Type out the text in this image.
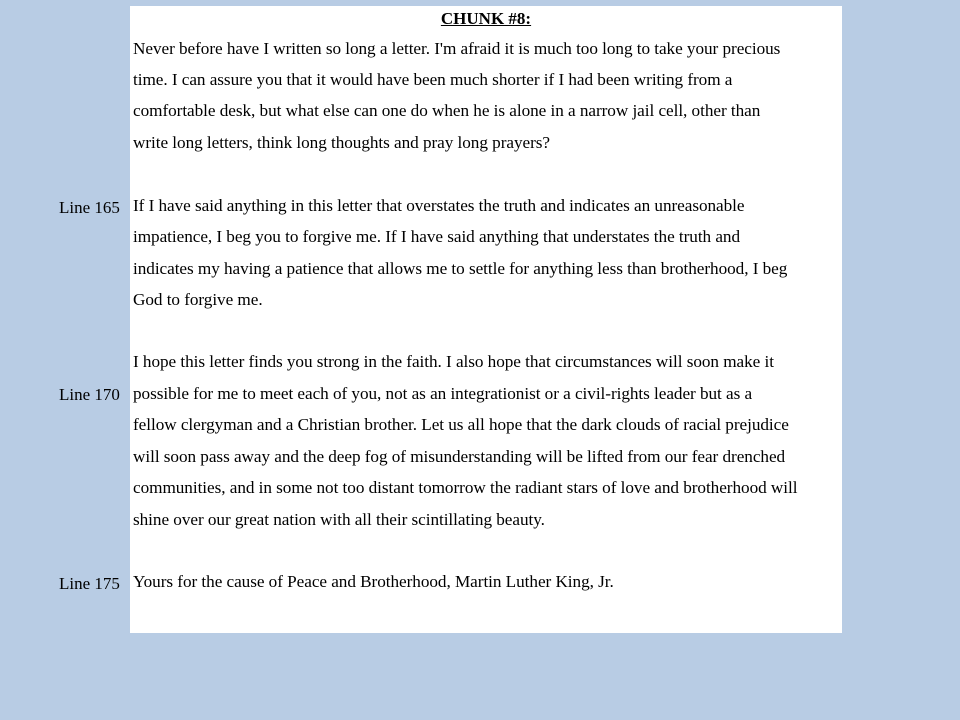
Line 165
Line 170
Line 175
CHUNK #8:
Never before have I written so long a letter. I'm afraid it is much too long to take your precious
time. I can assure you that it would have been much shorter if I had been writing from a
comfortable desk, but what else can one do when he is alone in a narrow jail cell, other than
write long letters, think long thoughts and pray long prayers?
If I have said anything in this letter that overstates the truth and indicates an unreasonable
impatience, I beg you to forgive me. If I have said anything that understates the truth and
indicates my having a patience that allows me to settle for anything less than brotherhood, I beg
God to forgive me.
I hope this letter finds you strong in the faith. I also hope that circumstances will soon make it
possible for me to meet each of you, not as an integrationist or a civil-rights leader but as a
fellow clergyman and a Christian brother. Let us all hope that the dark clouds of racial prejudice
will soon pass away and the deep fog of misunderstanding will be lifted from our fear drenched
communities, and in some not too distant tomorrow the radiant stars of love and brotherhood will
shine over our great nation with all their scintillating beauty.
Yours for the cause of Peace and Brotherhood, Martin Luther King, Jr.
